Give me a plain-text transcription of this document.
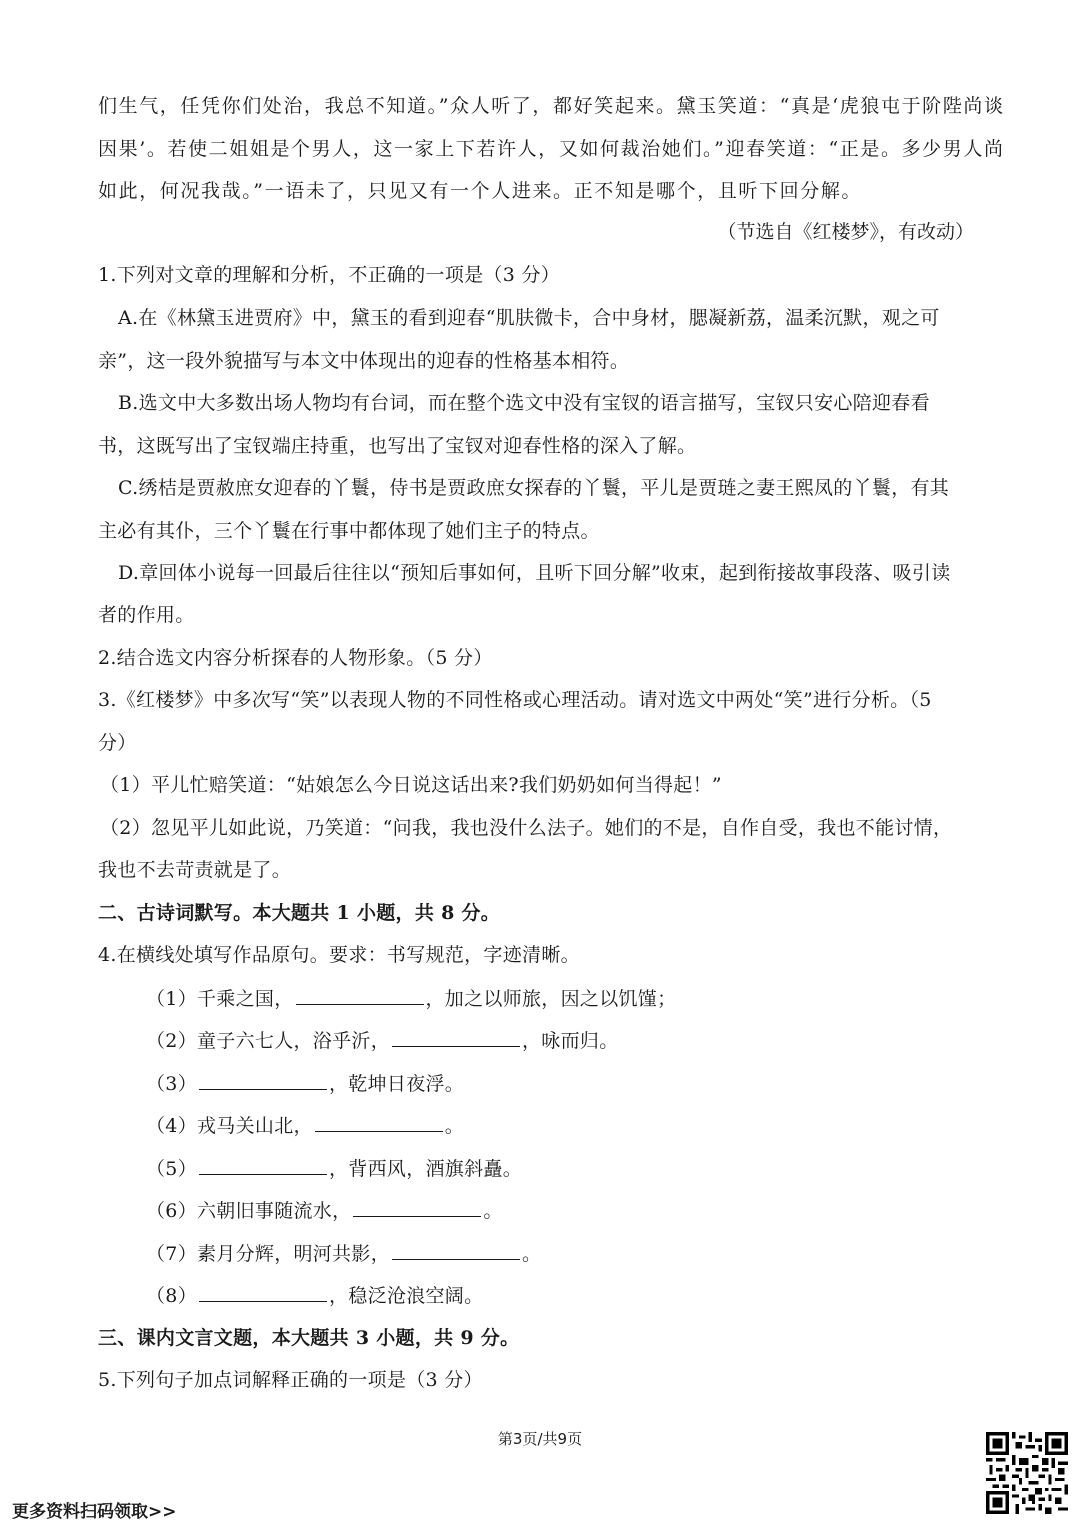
们生气，任凭你们处治，我总不知道。”众人听了，都好笑起来。黛玉笑道：“真是‘虎狼屯于阶陛尚谈
因果’。若使二姐姐是个男人，这一家上下若许人，又如何裁治她们。”迎春笑道：“正是。多少男人尚
如此，何况我哉。”一语未了，只见又有一个人进来。正不知是哪个，且听下回分解。
（节选自《红楼梦》，有改动）
1.下列对文章的理解和分析，不正确的一项是（3 分）
A.在《林黛玉进贾府》中，黛玉的看到迎春“肌肤微卡，合中身材，腮凝新荔，温柔沉默，观之可
亲”，这一段外貌描写与本文中体现出的迎春的性格基本相符。
B.选文中大多数出场人物均有台词，而在整个选文中没有宝钗的语言描写，宝钗只安心陪迎春看
书，这既写出了宝钗端庄持重，也写出了宝钗对迎春性格的深入了解。
C.绣桔是贾赦庶女迎春的丫鬟，侍书是贾政庶女探春的丫鬟，平儿是贾琏之妻王熙凤的丫鬟，有其
主必有其仆，三个丫鬟在行事中都体现了她们主子的特点。
D.章回体小说每一回最后往往以“预知后事如何，且听下回分解”收束，起到衔接故事段落、吸引读
者的作用。
2.结合选文内容分析探春的人物形象。（5 分）
3.《红楼梦》中多次写“笑”以表现人物的不同性格或心理活动。请对选文中两处“笑”进行分析。（5
分）
（1）平儿忙赔笑道：“姑娘怎么今日说这话出来?我们奶奶如何当得起！”
（2）忽见平儿如此说，乃笑道：“问我，我也没什么法子。她们的不是，自作自受，我也不能讨情，
我也不去苛责就是了。
二、古诗词默写。本大题共 1 小题，共 8 分。
4.在横线处填写作品原句。要求：书写规范，字迹清晰。
（1）千乘之国，	，加之以师旅，因之以饥馑；
（2）童子六七人，浴乎沂，	，咏而归。
（3）	，乾坤日夜浮。
（4）戎马关山北，	。
（5）	，背西风，酒旗斜矗。
（6）六朝旧事随流水，	。
（7）素月分辉，明河共影，	。
（8）	，稳泛沧浪空阔。
三、课内文言文题，本大题共 3 小题，共 9 分。
5.下列句子加点词解释正确的一项是（3 分）
第3页/共9页
更多资料扫码领取>>
